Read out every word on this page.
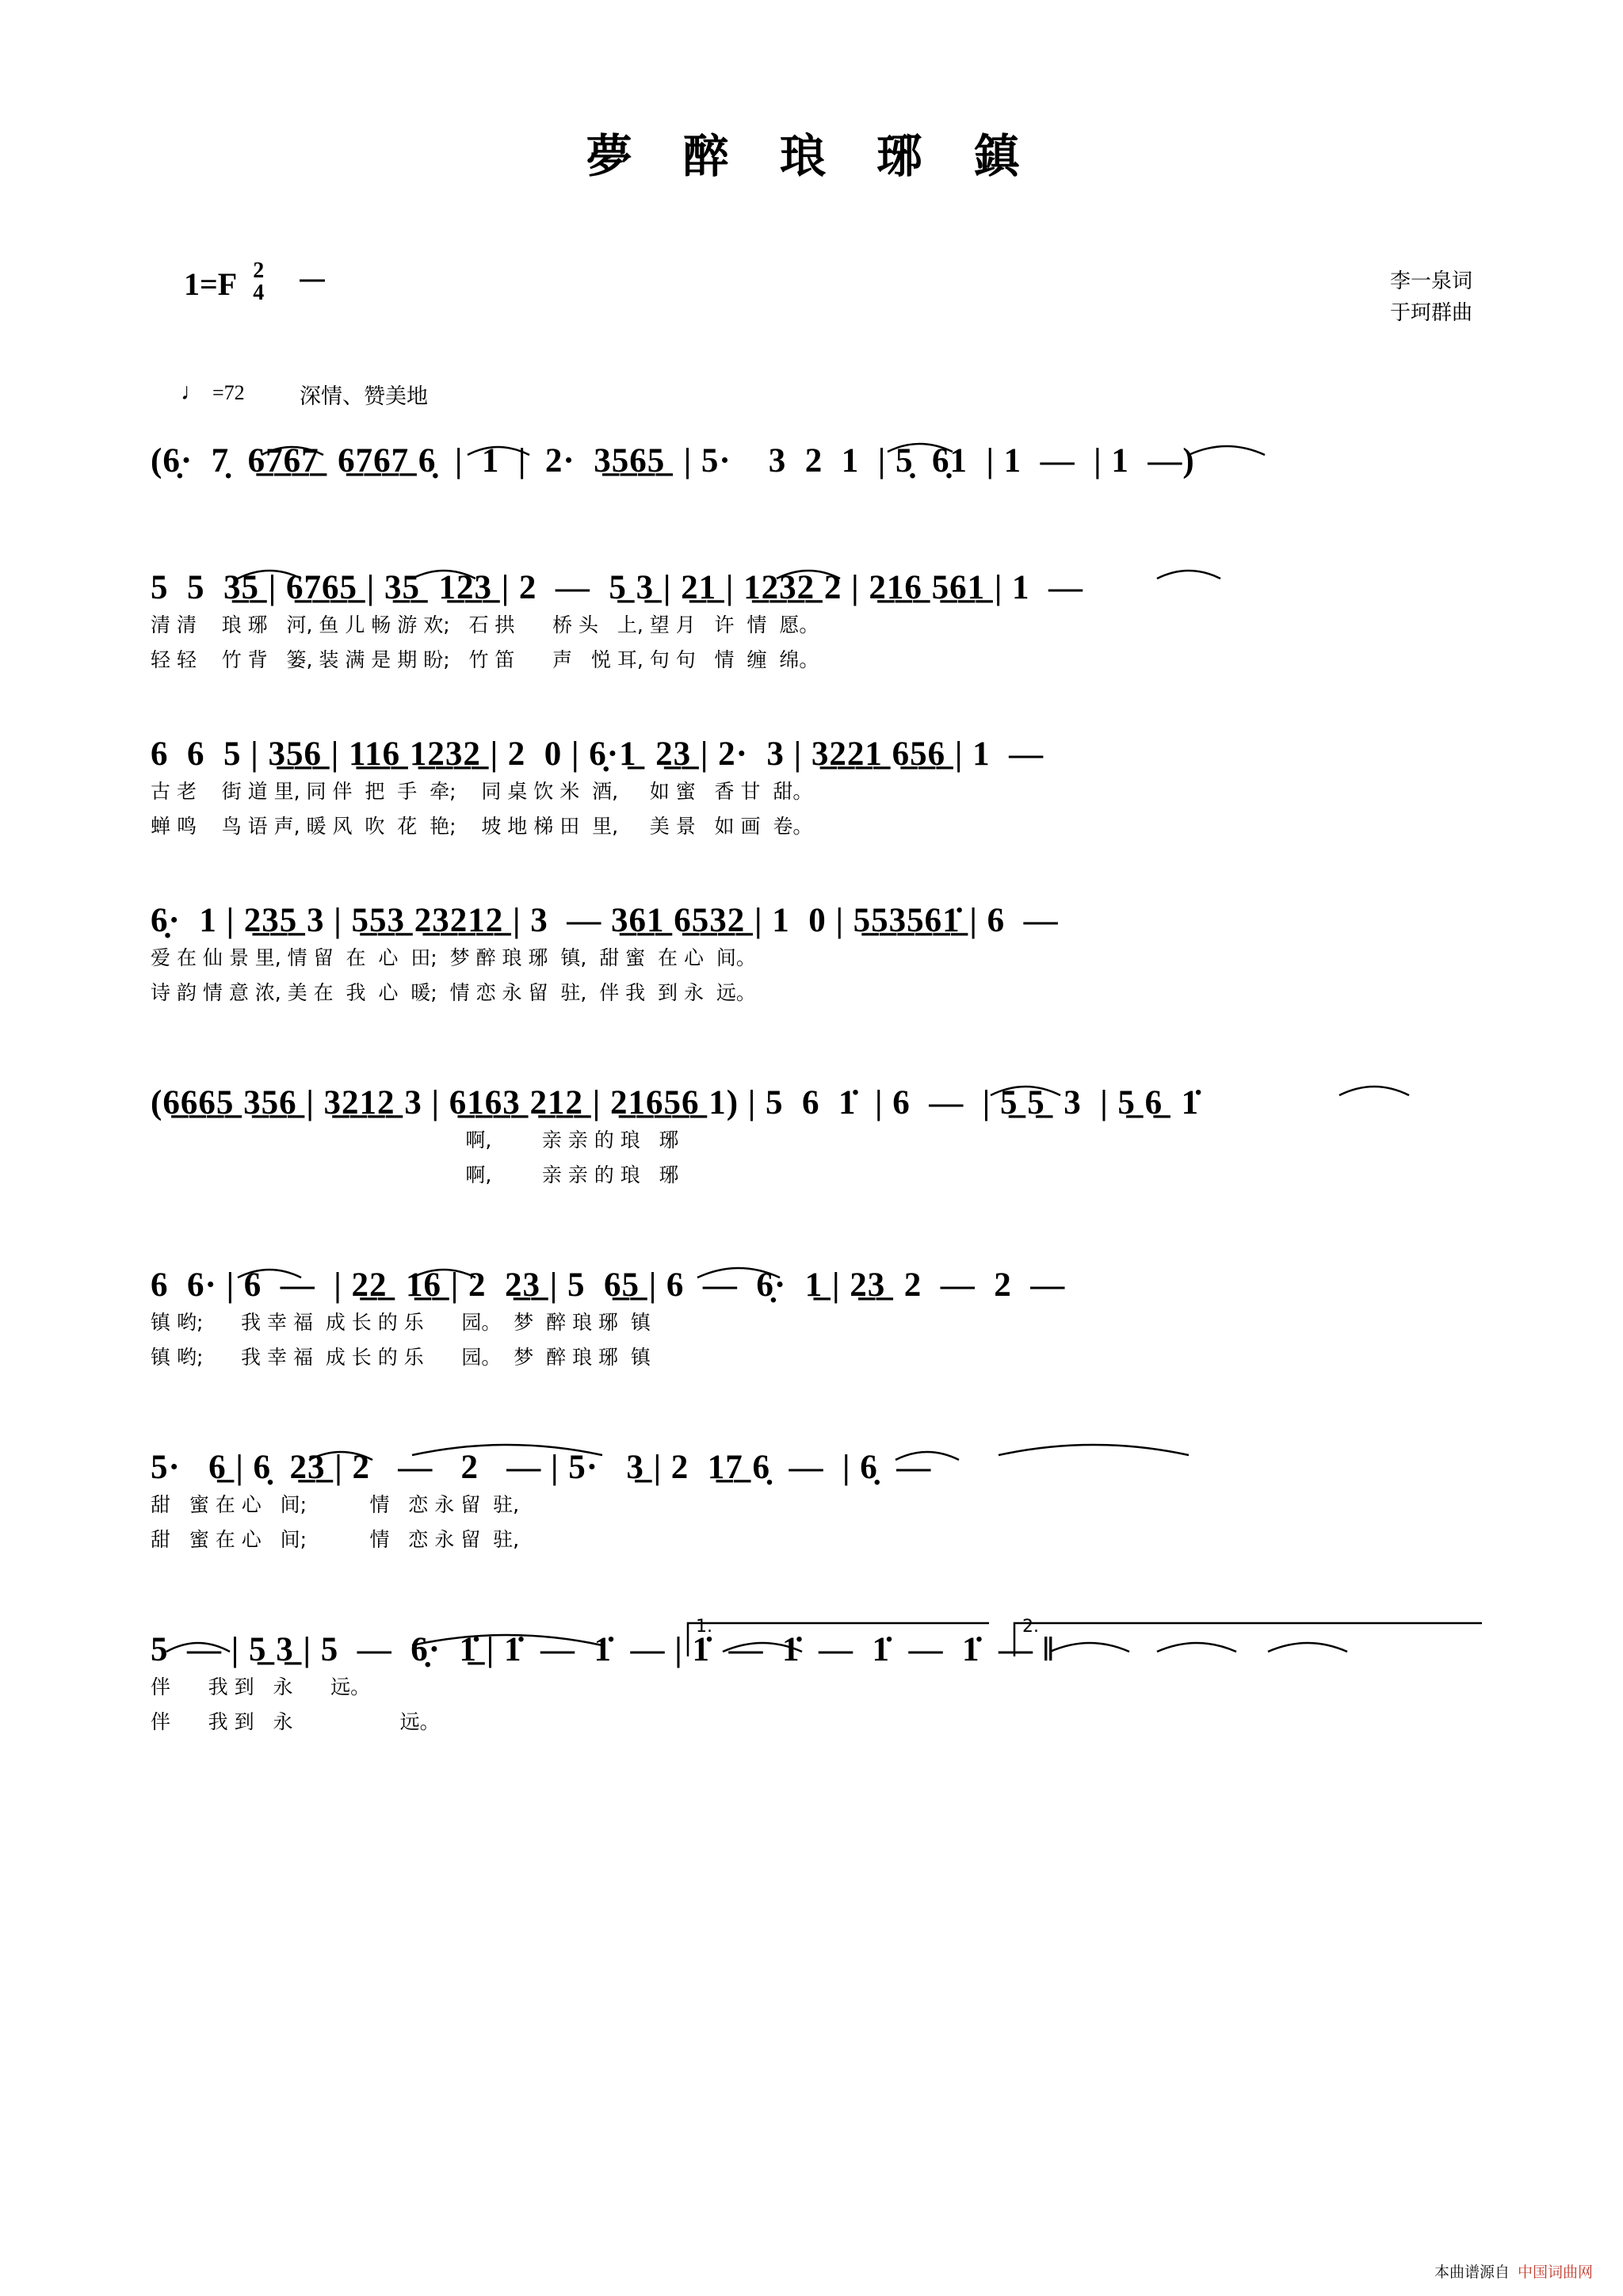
夢 醉 琅 琊 鎮
1=F 2
4	李一泉词
于珂群曲
♩ =72	深情、赞美地
(6̣·  7̣  6̲7̲6̲7̲  6̲7̲6̲7̲ 6̣  |  1  |  2·  3̲5̲6̲5̲  | 5·    3  2  1  | 5̣  6̣1  | 1  —  | 1  —)
5  5  3̲5̲ | 6̲7̲6̲5̲ | 3̲5̲  1̲2̲3̲ | 2  —  5̲ 3̲ | 2̲1̲ | 1̲2̲3̲2̲ 2 | 2̲1̲6̲ 5̲6̲1̲ | 1  —
清 清    琅 琊   河, 鱼 儿 畅 游 欢;   石 拱      桥 头   上, 望 月   许  情  愿。
轻 轻    竹 背   篓, 装 满 是 期 盼;   竹 笛      声   悦 耳, 句 句   情  缠  绵。
6  6  5 | 3̲5̲6̲ | 1̲1̲6̲ 1̲2̲3̲2̲ | 2  0 | 6̣·1̲  2̲3̲ | 2·  3 | 3̲2̲2̲1̲ 6̲5̲6̲ | 1  —
古 老    街 道 里, 同 伴  把  手  牵;    同 桌 饮 米  酒,     如 蜜   香 甘  甜。
蝉 鸣    鸟 语 声, 暖 风  吹  花  艳;    坡 地 梯 田  里,     美 景   如 画  卷。
6̣·  1 | 2̲3̲5̲ 3 | 5̲5̲3̲ 2̲3̲2̲1̲2̲ | 3  — 3̲6̲1̲ 6̲5̲3̲2̲ | 1  0 | 5̲5̲3̲5̲6̲1̲̇ | 6  —
爱 在 仙 景 里, 情 留  在  心  田;  梦 醉 琅 琊  镇,  甜 蜜  在 心  间。
诗 韵 情 意 浓, 美 在  我  心  暖;  情 恋 永 留  驻,  伴 我  到 永  远。
(6̲6̲6̲5̲ 3̲5̲6̲ | 3̲2̲1̲2̲ 3 | 6̲1̲6̲3̲ 2̲1̲2̲ | 2̲1̲6̲5̲6̲ 1) | 5  6  1̇  | 6  —  | 5̲ 5̲  3  | 5̲ 6̲  1̇
啊,        亲 亲 的 琅   琊
啊,        亲 亲 的 琅   琊
6  6· | 6  —  | 2̲2̲  1̲6̲ | 2  2̲3̲ | 5  6̲5̲ | 6  —  6̣·  1̲ | 2̲3̲  2  —  2  —
镇 哟;      我 幸 福  成 长 的 乐      园。  梦  醉 琅 琊  镇
镇 哟;      我 幸 福  成 长 的 乐      园。  梦  醉 琅 琊  镇
5·   6̲ | 6̣  2̲3̲ | 2   —   2   — | 5·   3̲ | 2  1̲7̲ 6̣  —  | 6̣  —
甜   蜜 在 心   间;          情   恋 永 留  驻,
甜   蜜 在 心   间;          情   恋 永 留  驻,
5  — | 5̲ 3̲ | 5  —  6̣·  1̲̇ | 1̇  —  1̇  — | 1̇  —  1̇  —  1̇  —  1̇  — ‖
伴      我 到   永      远。
伴      我 到   永                 远。
1.	2.
本曲谱源自 中国词曲网
